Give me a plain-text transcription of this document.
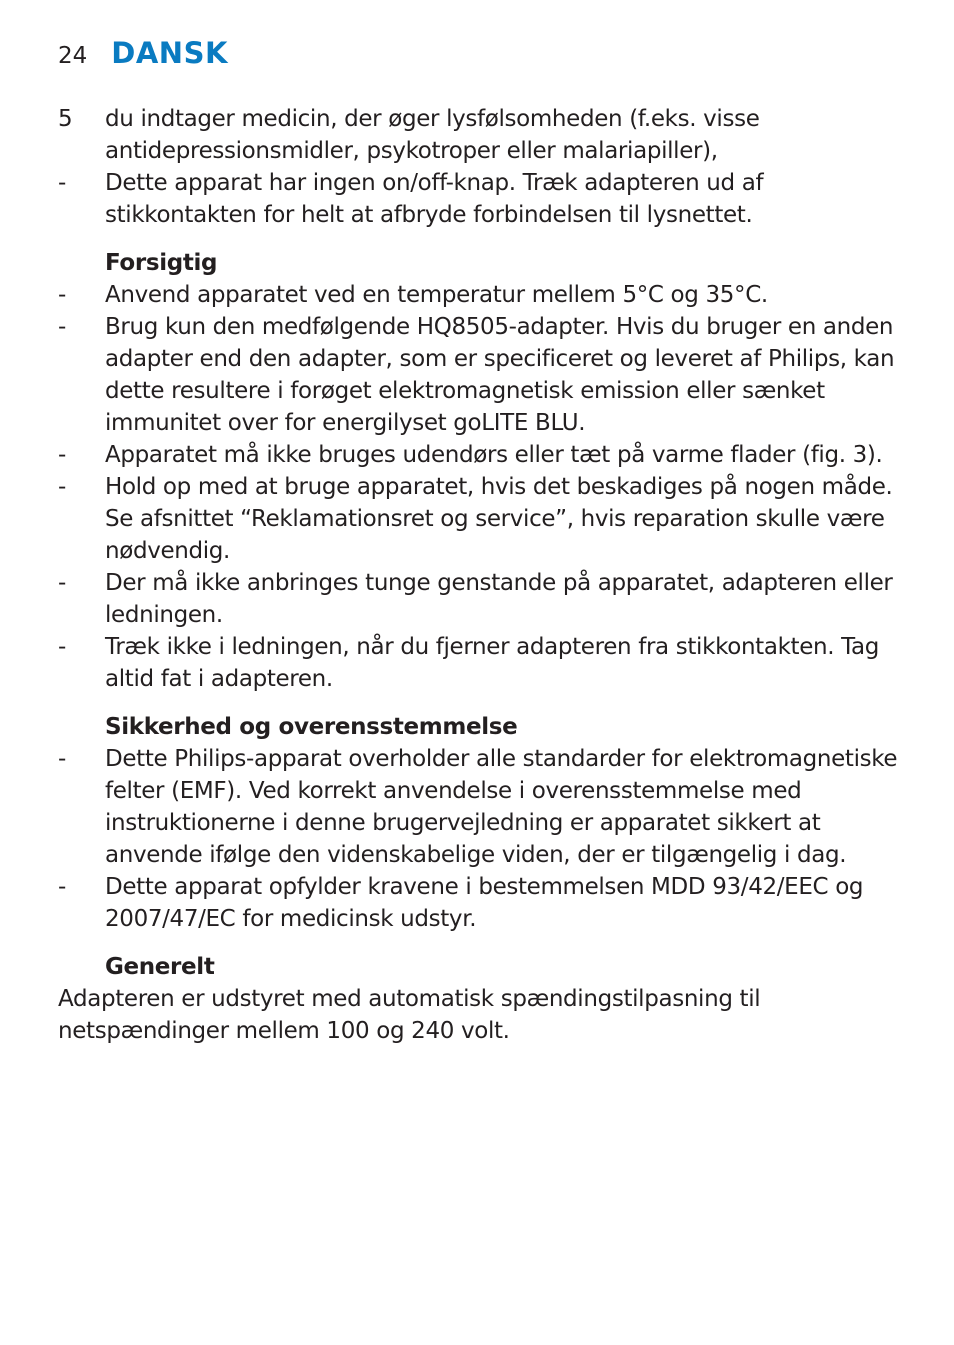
24 DANSK
5	du indtager medicin, der øger lysfølsomheden (f.eks. visse antidepressionsmidler, psykotroper eller malariapiller),
-	Dette apparat har ingen on/off-knap. Træk adapteren ud af stikkontakten for helt at afbryde forbindelsen til lysnettet.
Forsigtig
-	Anvend apparatet ved en temperatur mellem 5°C og 35°C.
-	Brug kun den medfølgende HQ8505-adapter. Hvis du bruger en anden adapter end den adapter, som er specificeret og leveret af Philips, kan dette resultere i forøget elektromagnetisk emission eller sænket immunitet over for energilyset goLITE BLU.
-	Apparatet må ikke bruges udendørs eller tæt på varme flader (fig. 3).
-	Hold op med at bruge apparatet, hvis det beskadiges på nogen måde. Se afsnittet “Reklamationsret og service”, hvis reparation skulle være nødvendig.
-	Der må ikke anbringes tunge genstande på apparatet, adapteren eller ledningen.
-	Træk ikke i ledningen, når du fjerner adapteren fra stikkontakten. Tag altid fat i adapteren.
Sikkerhed og overensstemmelse
-	Dette Philips-apparat overholder alle standarder for elektromagnetiske felter (EMF). Ved korrekt anvendelse i overensstemmelse med instruktionerne i denne brugervejledning er apparatet sikkert at anvende ifølge den videnskabelige viden, der er tilgængelig i dag.
-	Dette apparat opfylder kravene i bestemmelsen MDD 93/42/EEC og 2007/47/EC for medicinsk udstyr.
Generelt
Adapteren er udstyret med automatisk spændingstilpasning til netspændinger mellem 100 og 240 volt.
